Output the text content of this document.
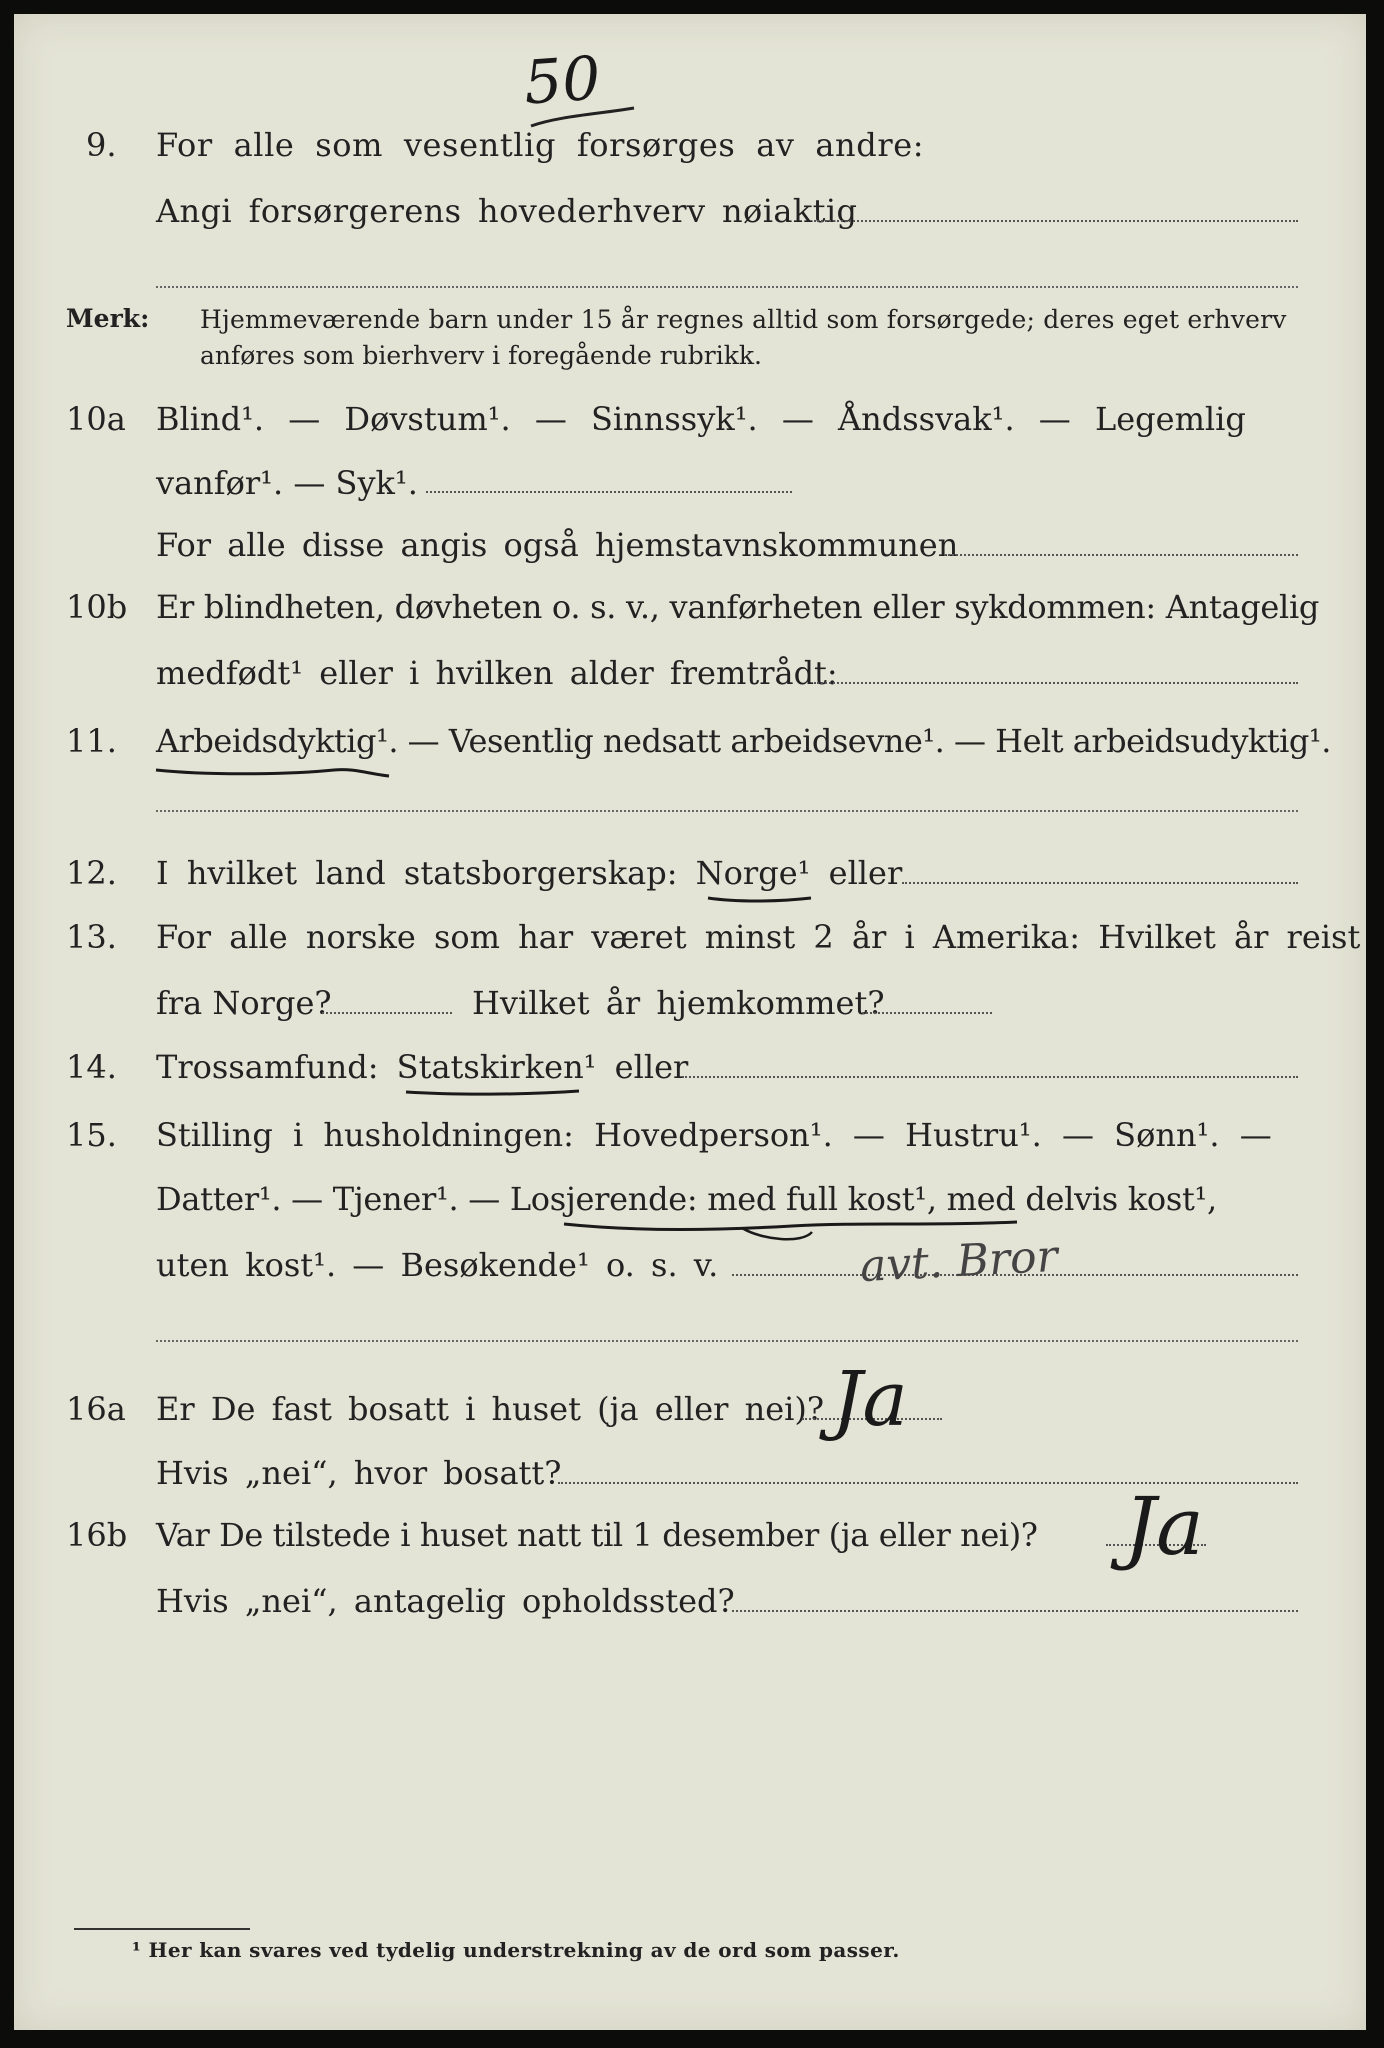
50
9. For alle som vesentlig forsørges av andre:
Angi forsørgerens hovederhverv nøiaktig
Merk: Hjemmeværende barn under 15 år regnes alltid som forsørgede; deres eget erhverv
anføres som bierhverv i foregående rubrikk.
10a Blind¹. — Døvstum¹. — Sinnssyk¹. — Åndssvak¹. — Legemlig
vanfør¹. — Syk¹.
For alle disse angis også hjemstavnskommunen
10b Er blindheten, døvheten o. s. v., vanførheten eller sykdommen: Antagelig
medfødt¹ eller i hvilken alder fremtrådt:
11. Arbeidsdyktig¹. — Vesentlig nedsatt arbeidsevne¹. — Helt arbeidsudyktig¹.
12. I hvilket land statsborgerskap: Norge¹ eller
13. For alle norske som har været minst 2 år i Amerika: Hvilket år reist
fra Norge?	Hvilket år hjemkommet?
14. Trossamfund: Statskirken¹ eller
15. Stilling i husholdningen: Hovedperson¹. — Hustru¹. — Sønn¹. —
Datter¹. — Tjener¹. — Losjerende: med full kost¹, med delvis kost¹,
uten kost¹. — Besøkende¹ o. s. v.	avt. Bror
16a Er De fast bosatt i huset (ja eller nei)? Ja
Hvis „nei“, hvor bosatt?
16b Var De tilstede i huset natt til 1 desember (ja eller nei)? Ja
Hvis „nei“, antagelig opholdssted?
¹ Her kan svares ved tydelig understrekning av de ord som passer.
